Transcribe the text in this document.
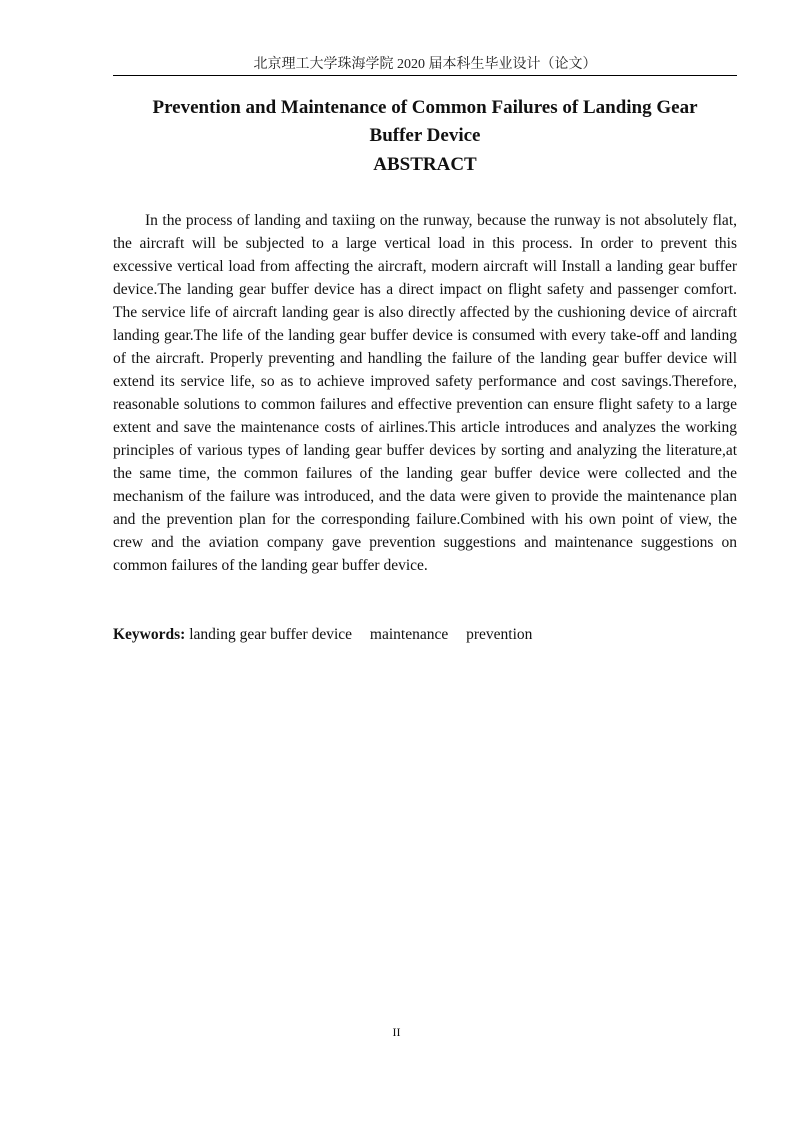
北京理工大学珠海学院 2020 届本科生毕业设计（论文）
Prevention and Maintenance of Common Failures of Landing Gear
Buffer Device
ABSTRACT

In the process of landing and taxiing on the runway, because the runway is not absolutely flat, the aircraft will be subjected to a large vertical load in this process. In order to prevent this excessive vertical load from affecting the aircraft, modern aircraft will Install a landing gear buffer device.The landing gear buffer device has a direct impact on flight safety and passenger comfort. The service life of aircraft landing gear is also directly affected by the cushioning device of aircraft landing gear.The life of the landing gear buffer device is consumed with every take-off and landing of the aircraft. Properly preventing and handling the failure of the landing gear buffer device will extend its service life, so as to achieve improved safety performance and cost savings.Therefore, reasonable solutions to common failures and effective prevention can ensure flight safety to a large extent and save the maintenance costs of airlines.This article introduces and analyzes the working principles of various types of landing gear buffer devices by sorting and analyzing the literature,at the same time, the common failures of the landing gear buffer device were collected and the mechanism of the failure was introduced, and the data were given to provide the maintenance plan and the prevention plan for the corresponding failure.Combined with his own point of view, the crew and the aviation company gave prevention suggestions and maintenance suggestions on common failures of the landing gear buffer device.

Keywords: landing gear buffer device maintenance prevention
II
